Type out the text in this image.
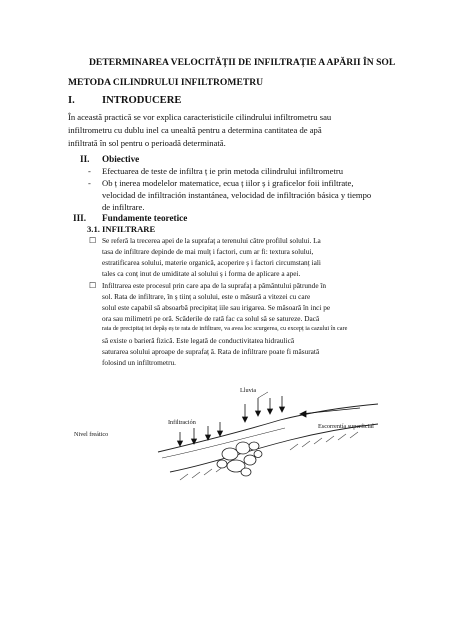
DETERMINAREA VELOCITĂȚII DE INFILTRAȚIE A APĂRII ÎN SOL
METODA CILINDRULUI INFILTROMETRU
I.	INTRODUCERE
În această practică se vor explica caracteristicile cilindrului infiltrometru sau
infiltrometru cu dublu inel ca unealtă pentru a determina cantitatea de apă
infiltrată în sol pentru o perioadă determinată.
II. Obiective
- Efectuarea de teste de infiltra ț ie prin metoda cilindrului infiltrometru
- Ob ț inerea modelelor matematice, ecua ț iilor ș i graficelor foii infiltrate,
velocidad de infiltración instantánea, velocidad de infiltración básica y tiempo
de infiltrare.
III. Fundamente teoretice
3.1. INFILTRARE
☐ Se referă la trecerea apei de la suprafaț a terenului către profilul solului. La
tasa de infiltrare depinde de mai mulț i factori, cum ar fi: textura solului,
estratificarea solului, materie organică, acoperire ș i factori circumstanț iali
tales ca conț inut de umiditate al solului ș i forma de aplicare a apei.
☐ Infiltrarea este procesul prin care apa de la suprafaț a pământului pătrunde în
sol. Rata de infiltrare, în ș tiinț a solului, este o măsură a vitezei cu care
solul este capabil să absoarbă precipitaț iile sau irigarea. Se măsoară în inci pe
ora sau milimetri pe oră. Scăderile de rată fac ca solul să se satureze. Dacă
rata de precipitaț iei depăș eș te rata de infiltrare, va avea loc scurgerea, cu excepț ia cazului în care
să existe o barieră fizică. Este legată de conductivitatea hidraulică
saturarea solului aproape de suprafaț ă. Rata de infiltrare poate fi măsurată
folosind un infiltrometru.
Lluvia
Infiltración
Escorrentía superficial
Nivel freático
